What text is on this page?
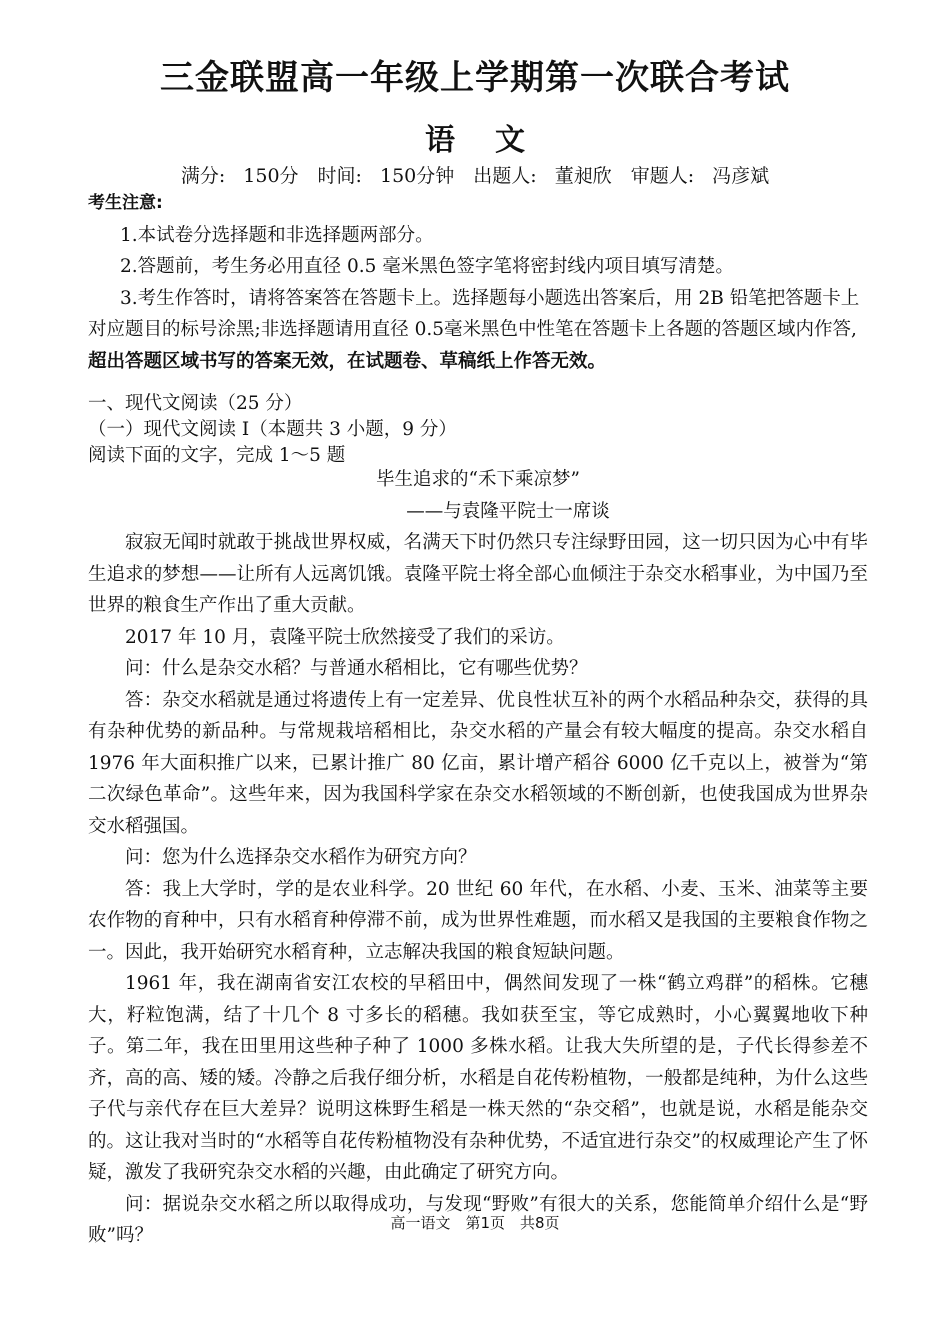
三金联盟高一年级上学期第一次联合考试
语文
满分: 150分　时间: 150分钟　出题人: 董昶欣　审题人: 冯彦斌
考生注意:

1.本试卷分选择题和非选择题两部分。

2.答题前，考生务必用直径 0.5 毫米黑色签字笔将密封线内项目填写清楚。

3.考生作答时，请将答案答在答题卡上。选择题每小题选出答案后，用 2B 铅笔把答题卡上对应题目的标号涂黑;非选择题请用直径 0.5毫米黑色中性笔在答题卡上各题的答题区域内作答,

超出答题区域书写的答案无效，在试题卷、草稿纸上作答无效。

一、现代文阅读（25 分）

（一）现代文阅读 I（本题共 3 小题，9 分）

阅读下面的文字，完成 1～5 题

毕生追求的“禾下乘凉梦”

——与袁隆平院士一席谈

寂寂无闻时就敢于挑战世界权威，名满天下时仍然只专注绿野田园，这一切只因为心中有毕生追求的梦想——让所有人远离饥饿。袁隆平院士将全部心血倾注于杂交水稻事业，为中国乃至世界的粮食生产作出了重大贡献。

2017 年 10 月，袁隆平院士欣然接受了我们的采访。

问：什么是杂交水稻？与普通水稻相比，它有哪些优势？

答：杂交水稻就是通过将遗传上有一定差异、优良性状互补的两个水稻品种杂交，获得的具有杂种优势的新品种。与常规栽培稻相比，杂交水稻的产量会有较大幅度的提高。杂交水稻自 1976 年大面积推广以来，已累计推广 80 亿亩，累计增产稻谷 6000 亿千克以上，被誉为“第二次绿色革命”。这些年来，因为我国科学家在杂交水稻领域的不断创新，也使我国成为世界杂交水稻强国。

问：您为什么选择杂交水稻作为研究方向？

答：我上大学时，学的是农业科学。20 世纪 60 年代，在水稻、小麦、玉米、油菜等主要农作物的育种中，只有水稻育种停滞不前，成为世界性难题，而水稻又是我国的主要粮食作物之一。因此，我开始研究水稻育种，立志解决我国的粮食短缺问题。

1961 年，我在湖南省安江农校的早稻田中，偶然间发现了一株“鹤立鸡群”的稻株。它穗大，籽粒饱满，结了十几个 8 寸多长的稻穗。我如获至宝，等它成熟时，小心翼翼地收下种子。第二年，我在田里用这些种子种了 1000 多株水稻。让我大失所望的是，子代长得参差不齐，高的高、矮的矮。冷静之后我仔细分析，水稻是自花传粉植物，一般都是纯种，为什么这些子代与亲代存在巨大差异？说明这株野生稻是一株天然的“杂交稻”，也就是说，水稻是能杂交的。这让我对当时的“水稻等自花传粉植物没有杂种优势，不适宜进行杂交”的权威理论产生了怀疑，激发了我研究杂交水稻的兴趣，由此确定了研究方向。

问：据说杂交水稻之所以取得成功，与发现“野败”有很大的关系，您能简单介绍什么是“野败”吗？

高一语文　第1页　共8页
